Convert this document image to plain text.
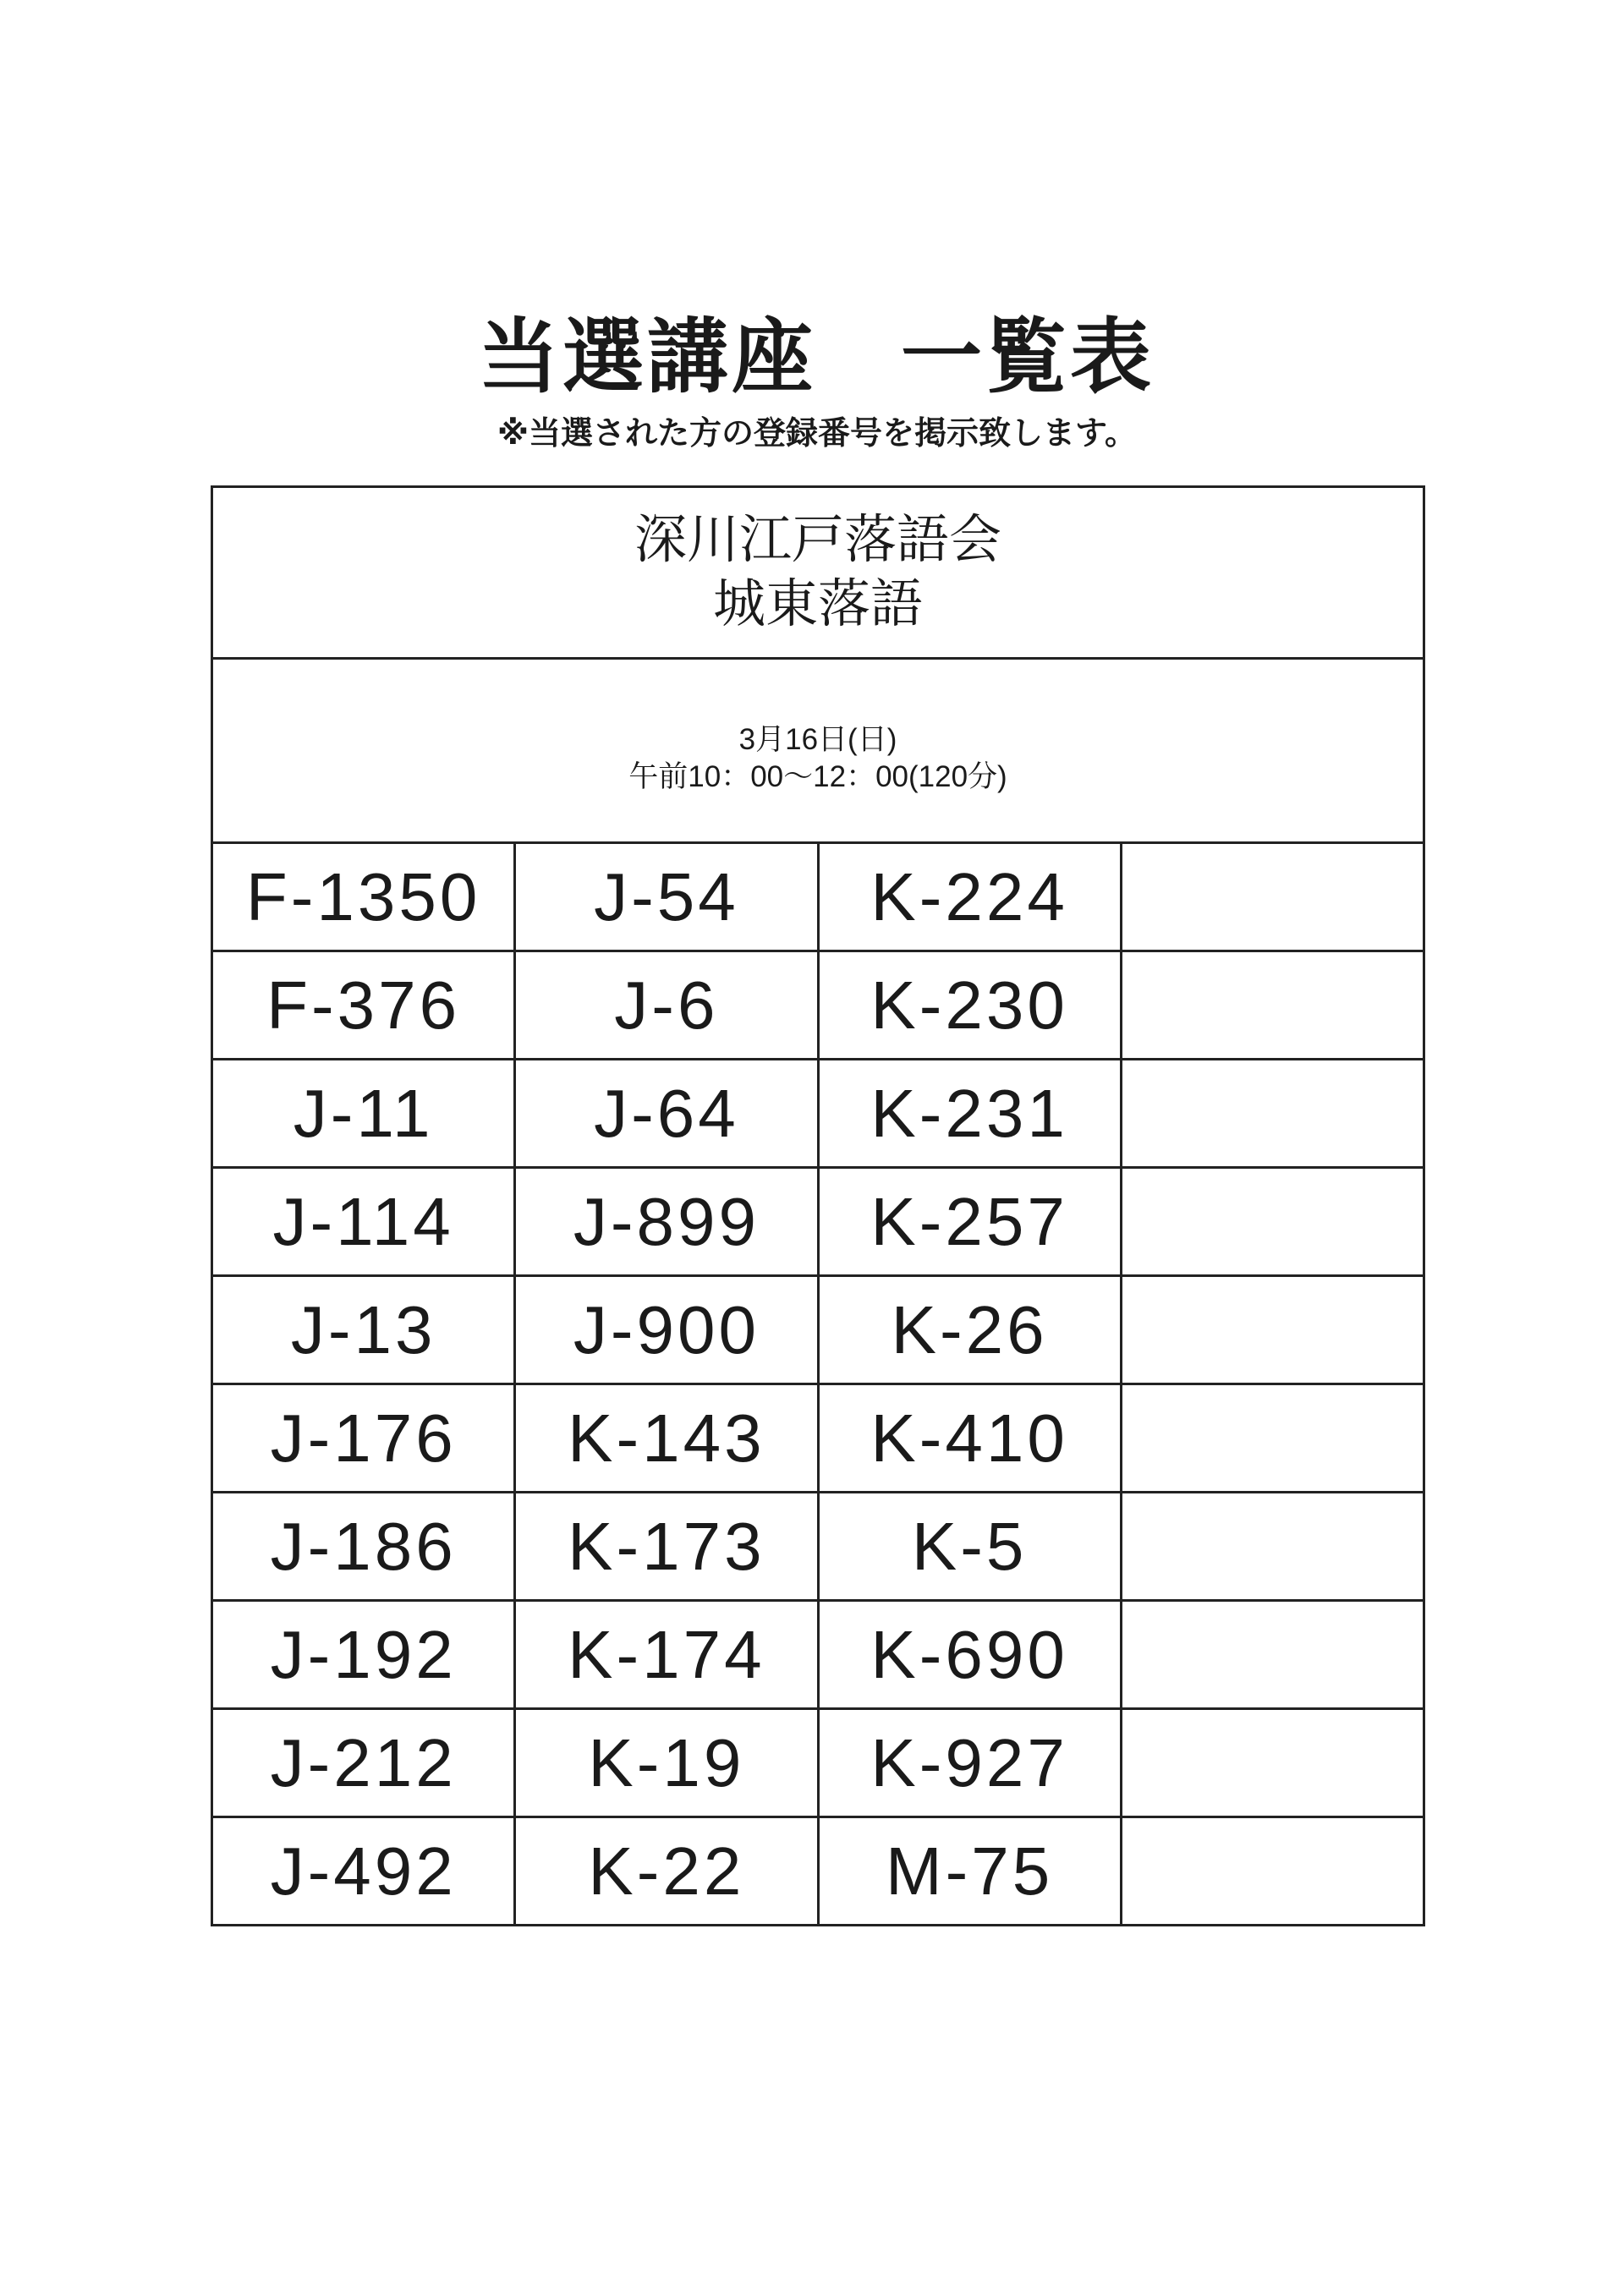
当選講座　一覧表
※当選された方の登録番号を掲示致します。
深川江戸落語会
城東落語			

3月16日(日)
午前10：00～12：00(120分)			

F-1350	J-54	K-224	
F-376	J-6	K-230	
J-11	J-64	K-231	
J-114	J-899	K-257	
J-13	J-900	K-26	
J-176	K-143	K-410	
J-186	K-173	K-5	
J-192	K-174	K-690	
J-212	K-19	K-927	
J-492	K-22	M-75	
